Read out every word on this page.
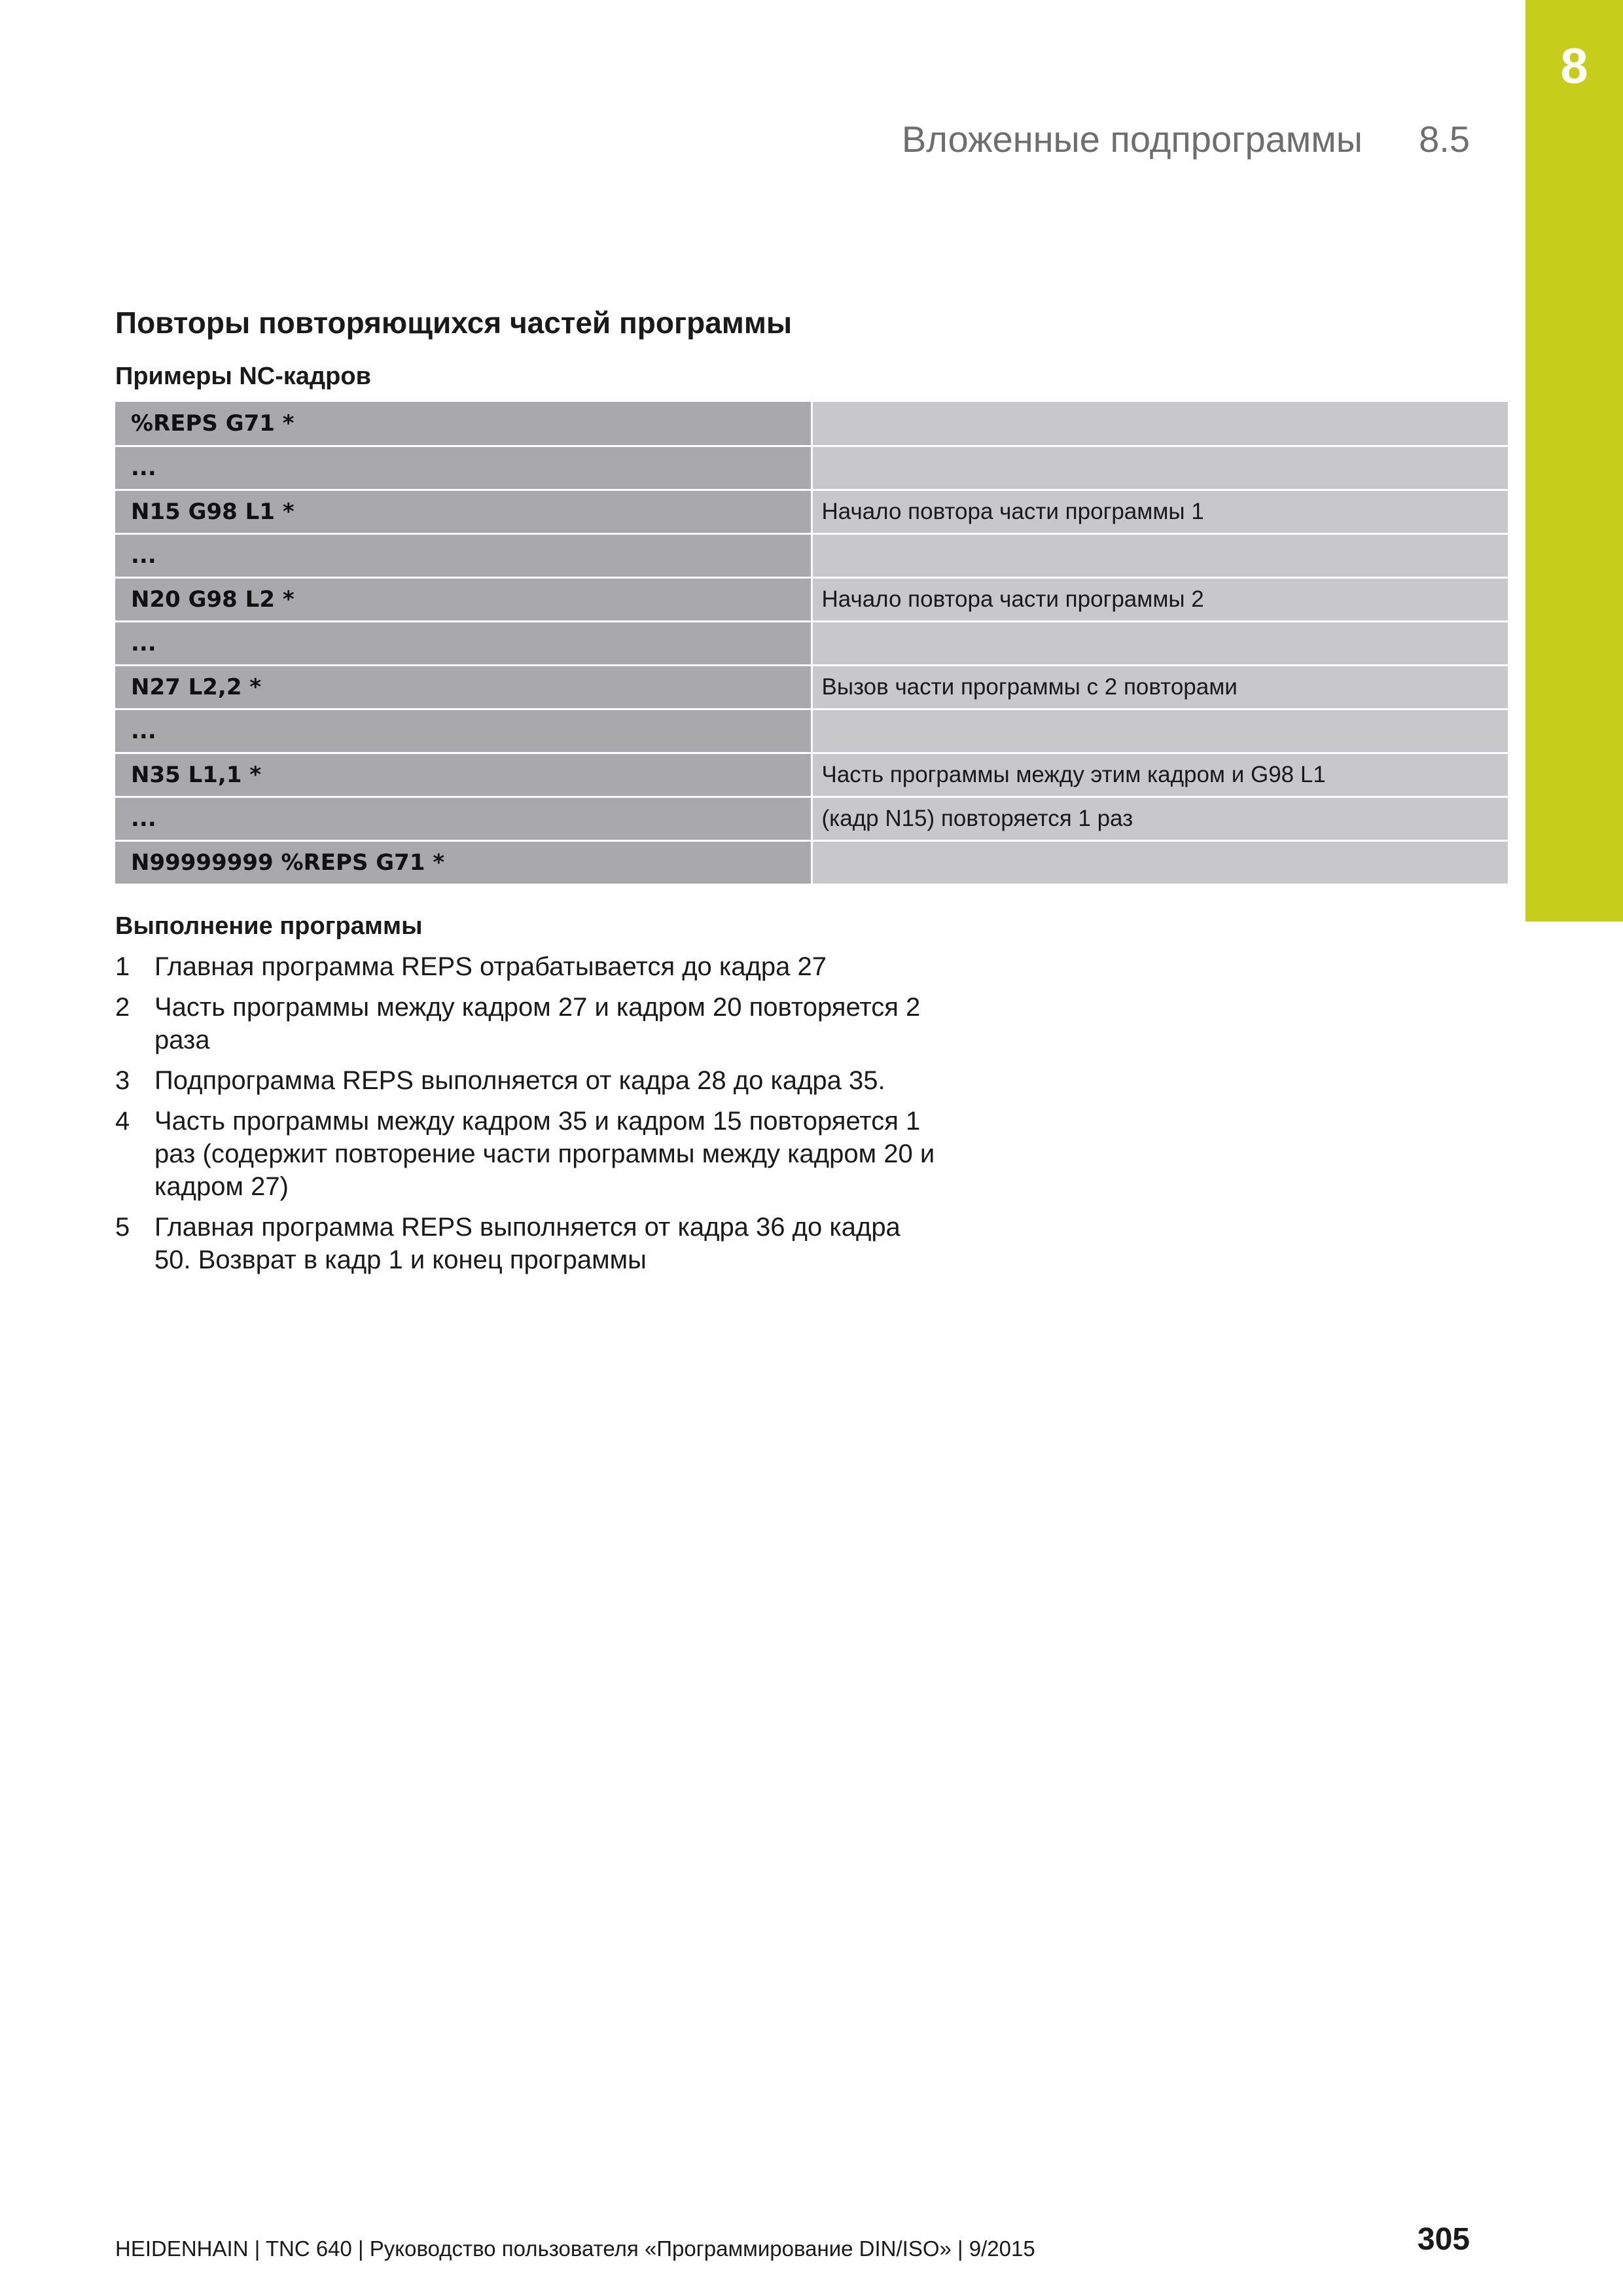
8
Вложенные подпрограммы 8.5
Повторы повторяющихся частей программы
Примеры NC-кадров
%REPS G71 *	
...	
N15 G98 L1 *	Начало повтора части программы 1
...	
N20 G98 L2 *	Начало повтора части программы 2
...	
N27 L2,2 *	Вызов части программы с 2 повторами
...	
N35 L1,1 *	Часть программы между этим кадром и G98 L1
...	(кадр N15) повторяется 1 раз
N99999999 %REPS G71 *	
Выполнение программы
1 Главная программа REPS отрабатывается до кадра 27
2 Часть программы между кадром 27 и кадром 20 повторяется 2 раза
3 Подпрограмма REPS выполняется от кадра 28 до кадра 35.
4 Часть программы между кадром 35 и кадром 15 повторяется 1 раз (содержит повторение части программы между кадром 20 и кадром 27)
5 Главная программа REPS выполняется от кадра 36 до кадра 50. Возврат в кадр 1 и конец программы
HEIDENHAIN | TNC 640 | Руководство пользователя «Программирование DIN/ISO» | 9/2015	305
